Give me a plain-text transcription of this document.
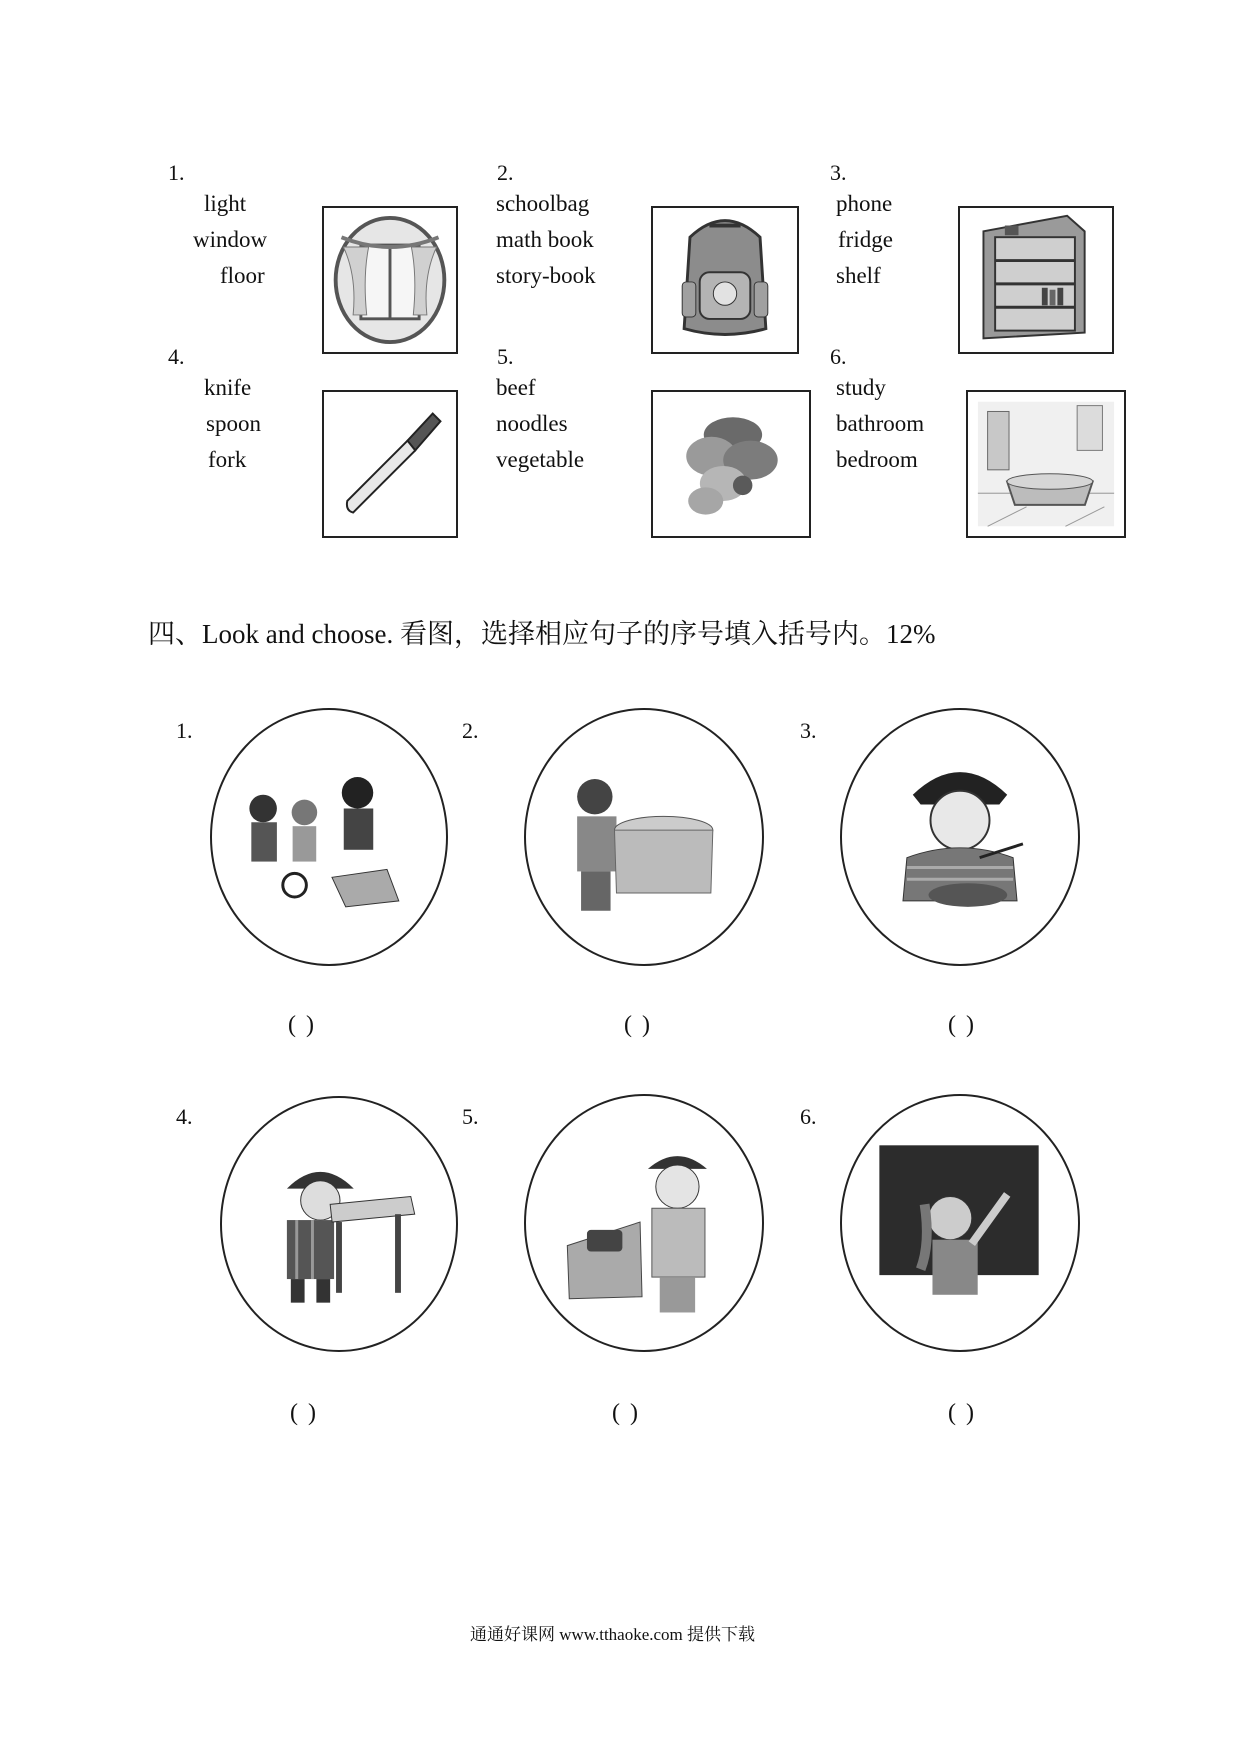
1.
light
window
floor
2.
schoolbag
math book
story-book
3.
phone
fridge
shelf
4.
knife
spoon
fork
5.
beef
noodles
vegetable
6.
study
bathroom
bedroom
四、Look and choose. 看图，选择相应句子的序号填入括号内。12%
1.
( )
2.
( )
3.
( )
4.
( )
5.
( )
6.
( )
通通好课网 www.tthaoke.com 提供下载
